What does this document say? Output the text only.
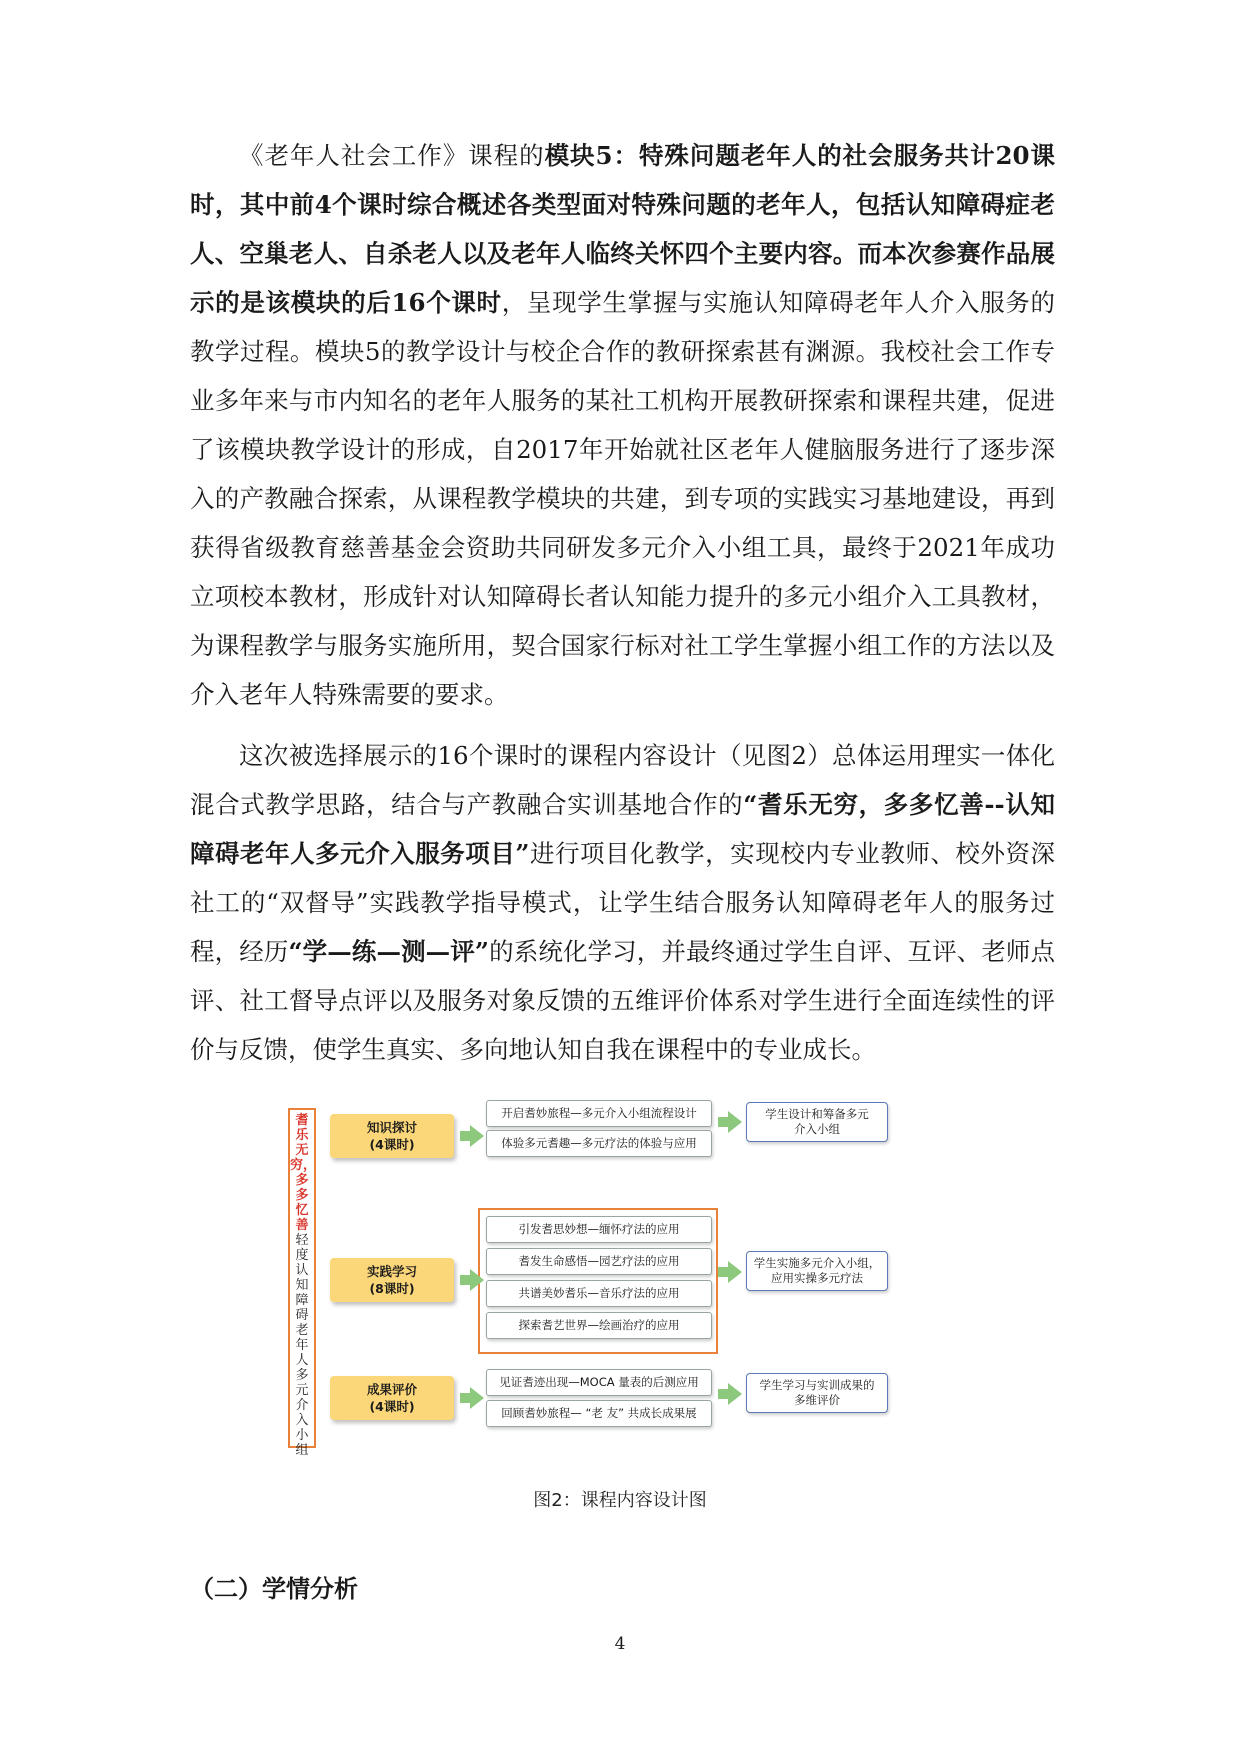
《老年人社会工作》课程的模块5：特殊问题老年人的社会服务共计20课时，其中前4个课时综合概述各类型面对特殊问题的老年人，包括认知障碍症老人、空巢老人、自杀老人以及老年人临终关怀四个主要内容。而本次参赛作品展示的是该模块的后16个课时，呈现学生掌握与实施认知障碍老年人介入服务的教学过程。模块5的教学设计与校企合作的教研探索甚有渊源。我校社会工作专业多年来与市内知名的老年人服务的某社工机构开展教研探索和课程共建，促进了该模块教学设计的形成，自2017年开始就社区老年人健脑服务进行了逐步深入的产教融合探索，从课程教学模块的共建，到专项的实践实习基地建设，再到获得省级教育慈善基金会资助共同研发多元介入小组工具，最终于2021年成功立项校本教材，形成针对认知障碍长者认知能力提升的多元小组介入工具教材，为课程教学与服务实施所用，契合国家行标对社工学生掌握小组工作的方法以及介入老年人特殊需要的要求。

这次被选择展示的16个课时的课程内容设计（见图2）总体运用理实一体化混合式教学思路，结合与产教融合实训基地合作的“耆乐无穷，多多忆善--认知障碍老年人多元介入服务项目”进行项目化教学，实现校内专业教师、校外资深社工的“双督导”实践教学指导模式，让学生结合服务认知障碍老年人的服务过程，经历“学—练—测—评”的系统化学习，并最终通过学生自评、互评、老师点评、社工督导点评以及服务对象反馈的五维评价体系对学生进行全面连续性的评价与反馈，使学生真实、多向地认知自我在课程中的专业成长。

耆乐无穷，多多忆善
轻度认知障碍老年人多元介入小组
知识探讨
(4课时)
开启耆妙旅程—多元介入小组流程设计
体验多元耆趣—多元疗法的体验与应用
学生设计和筹备多元
介入小组
实践学习
(8课时)
引发耆思妙想—缅怀疗法的应用
耆发生命感悟—园艺疗法的应用
共谱美妙耆乐—音乐疗法的应用
探索耆艺世界—绘画治疗的应用
学生实施多元介入小组，
应用实操多元疗法
成果评价
(4课时)
见证耆迹出现—MOCA 量表的后测应用
回顾耆妙旅程— “老 友” 共成长成果展
学生学习与实训成果的
多维评价
图2：课程内容设计图
（二）学情分析
4
